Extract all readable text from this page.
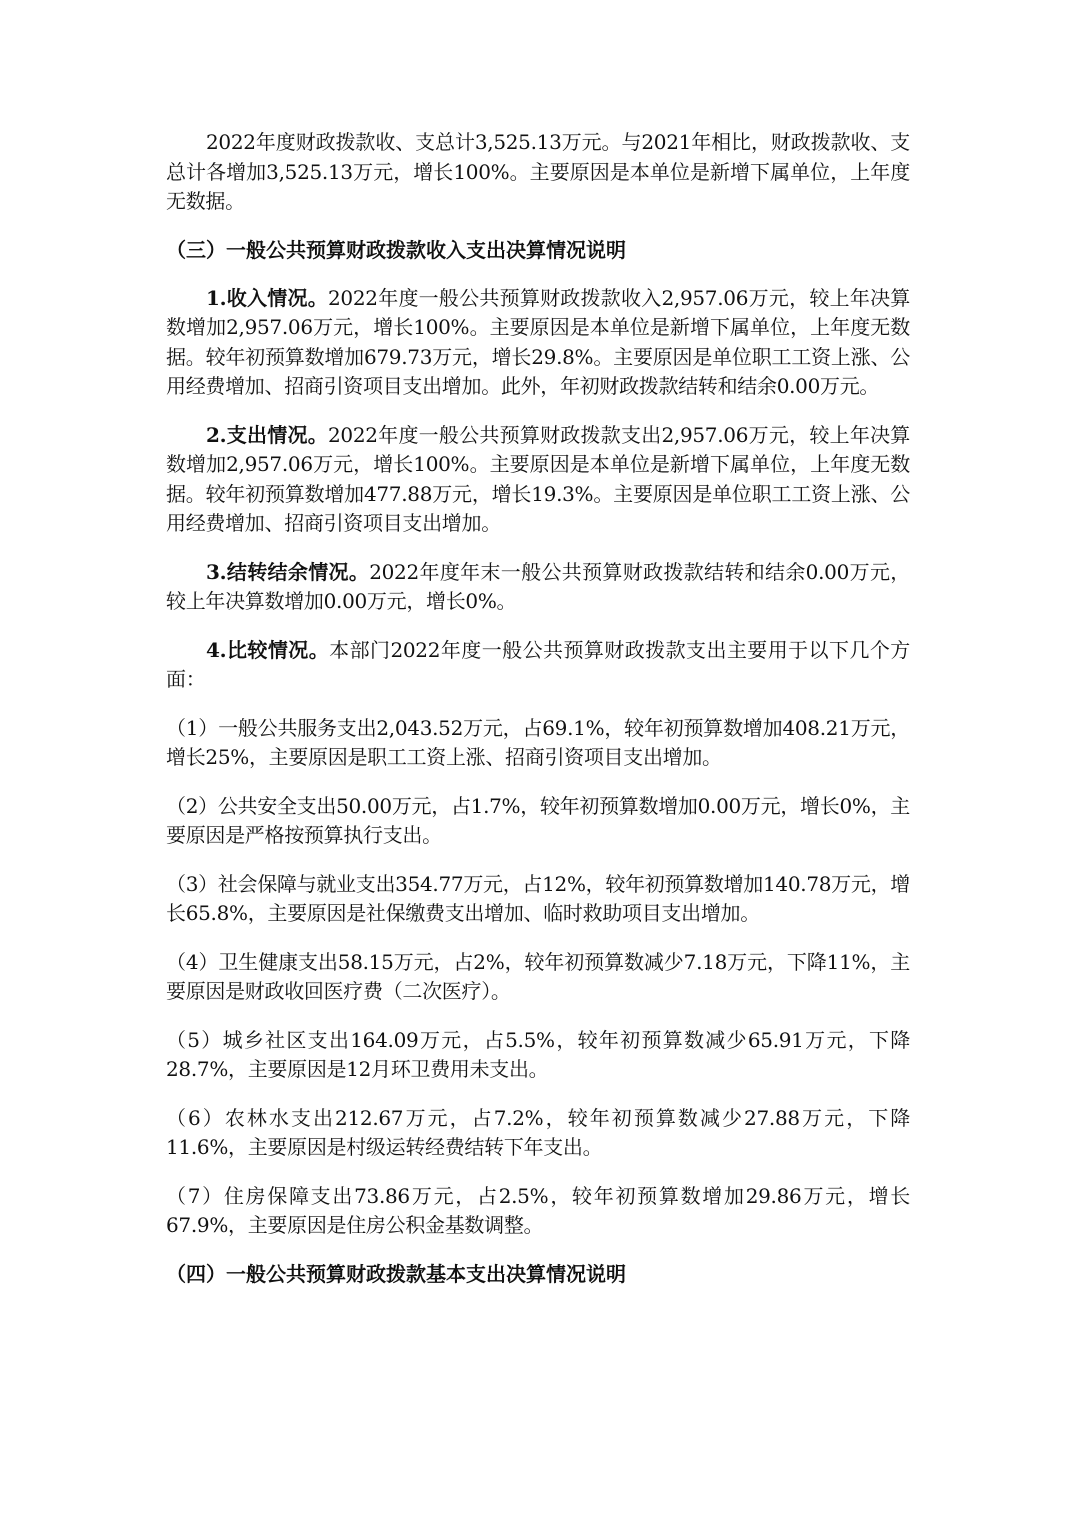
2022年度财政拨款收、支总计3,525.13万元。与2021年相比，财政拨款收、支总计各增加3,525.13万元，增长100%。主要原因是本单位是新增下属单位，上年度无数据。

（三）一般公共预算财政拨款收入支出决算情况说明

1.收入情况。2022年度一般公共预算财政拨款收入2,957.06万元，较上年决算数增加2,957.06万元，增长100%。主要原因是本单位是新增下属单位，上年度无数据。较年初预算数增加679.73万元，增长29.8%。主要原因是单位职工工资上涨、公用经费增加、招商引资项目支出增加。此外，年初财政拨款结转和结余0.00万元。

2.支出情况。2022年度一般公共预算财政拨款支出2,957.06万元，较上年决算数增加2,957.06万元，增长100%。主要原因是本单位是新增下属单位，上年度无数据。较年初预算数增加477.88万元，增长19.3%。主要原因是单位职工工资上涨、公用经费增加、招商引资项目支出增加。

3.结转结余情况。2022年度年末一般公共预算财政拨款结转和结余0.00万元，较上年决算数增加0.00万元，增长0%。

4.比较情况。本部门2022年度一般公共预算财政拨款支出主要用于以下几个方面：

（1）一般公共服务支出2,043.52万元，占69.1%，较年初预算数增加408.21万元，增长25%，主要原因是职工工资上涨、招商引资项目支出增加。

（2）公共安全支出50.00万元，占1.7%，较年初预算数增加0.00万元，增长0%，主要原因是严格按预算执行支出。

（3）社会保障与就业支出354.77万元，占12%，较年初预算数增加140.78万元，增长65.8%，主要原因是社保缴费支出增加、临时救助项目支出增加。

（4）卫生健康支出58.15万元，占2%，较年初预算数减少7.18万元，下降11%，主要原因是财政收回医疗费（二次医疗）。

（5）城乡社区支出164.09万元，占5.5%，较年初预算数减少65.91万元，下降28.7%，主要原因是12月环卫费用未支出。

（6）农林水支出212.67万元，占7.2%，较年初预算数减少27.88万元，下降11.6%，主要原因是村级运转经费结转下年支出。

（7）住房保障支出73.86万元，占2.5%，较年初预算数增加29.86万元，增长67.9%，主要原因是住房公积金基数调整。

（四）一般公共预算财政拨款基本支出决算情况说明
